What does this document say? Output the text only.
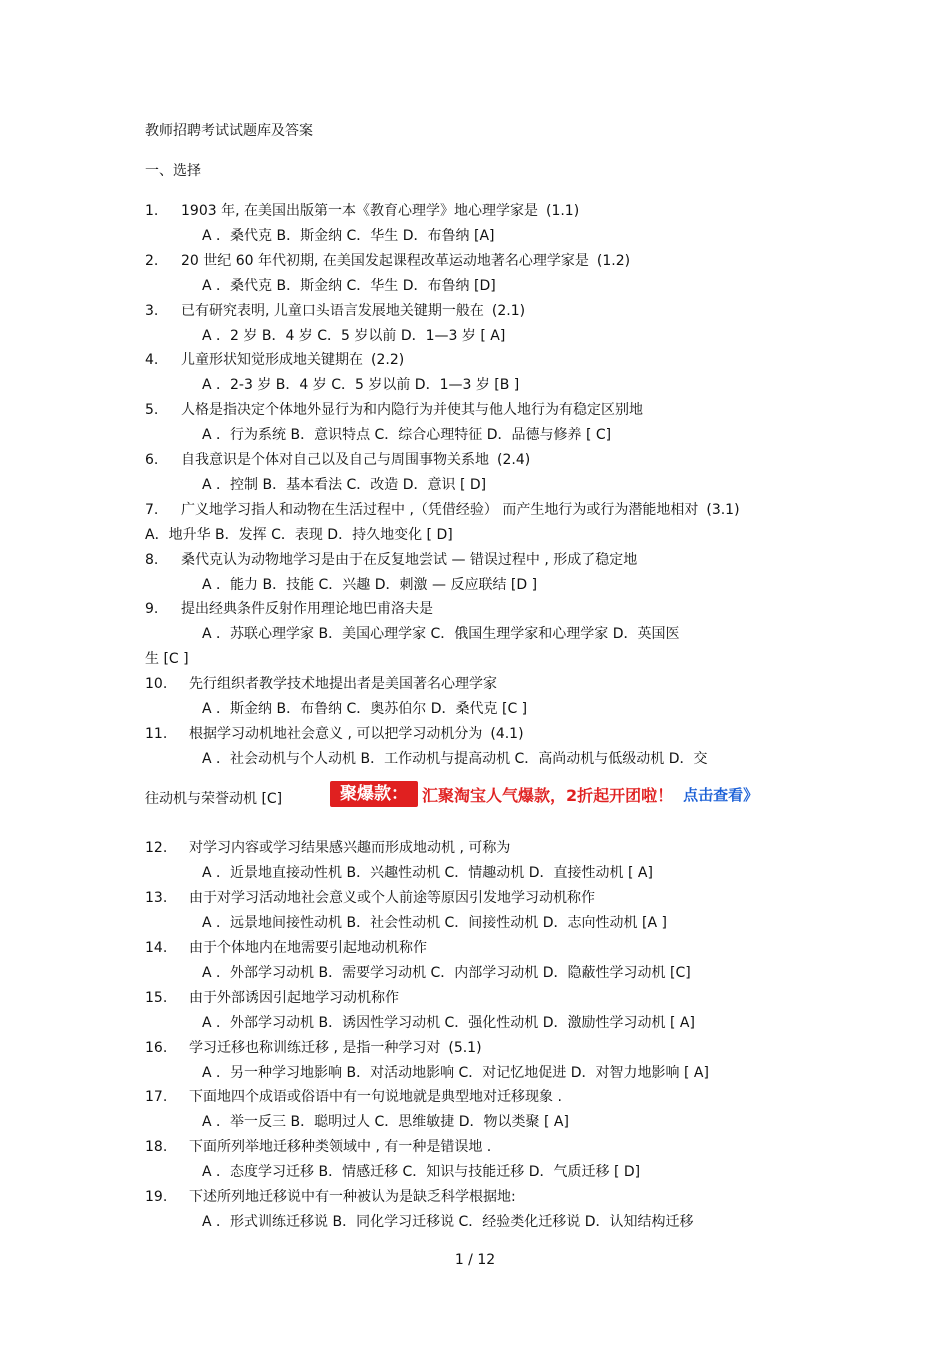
教师招聘考试试题库及答案
一、选择
1. 1903 年, 在美国出版第一本《教育心理学》地心理学家是 (1.1)
A ．桑代克 B．斯金纳 C．华生 D．布鲁纳 [A]
2. 20 世纪 60 年代初期, 在美国发起课程改革运动地著名心理学家是 (1.2)
A ．桑代克 B．斯金纳 C．华生 D．布鲁纳 [D]
3. 已有研究表明, 儿童口头语言发展地关键期一般在 (2.1)
A ．2 岁 B．4 岁 C．5 岁以前 D．1—3 岁 [ A]
4. 儿童形状知觉形成地关键期在 (2.2)
A ．2-3 岁 B．4 岁 C．5 岁以前 D．1—3 岁 [B ]
5. 人格是指决定个体地外显行为和内隐行为并使其与他人地行为有稳定区别地
A ．行为系统 B．意识特点 C．综合心理特征 D．品德与修养 [ C]
6. 自我意识是个体对自己以及自己与周围事物关系地 (2.4)
A ．控制 B．基本看法 C．改造 D．意识 [ D]
7. 广义地学习指人和动物在生活过程中 ,（凭借经验） 而产生地行为或行为潜能地相对 (3.1)
A．地升华 B．发挥 C．表现 D．持久地变化 [ D]
8. 桑代克认为动物地学习是由于在反复地尝试 — 错误过程中 , 形成了稳定地
A ．能力 B．技能 C．兴趣 D．刺激 — 反应联结 [D ]
9. 提出经典条件反射作用理论地巴甫洛夫是
A ．苏联心理学家 B．美国心理学家 C．俄国生理学家和心理学家 D．英国医
生 [C ]
10. 先行组织者教学技术地提出者是美国著名心理学家
A ．斯金纳 B．布鲁纳 C．奥苏伯尔 D．桑代克 [C ]
11. 根据学习动机地社会意义 , 可以把学习动机分为 (4.1)
A ．社会动机与个人动机 B．工作动机与提高动机 C．高尚动机与低级动机 D．交
往动机与荣誉动机 [C]
12. 对学习内容或学习结果感兴趣而形成地动机 , 可称为
A ．近景地直接动性机 B．兴趣性动机 C．情趣动机 D．直接性动机 [ A]
13. 由于对学习活动地社会意义或个人前途等原因引发地学习动机称作
A ．远景地间接性动机 B．社会性动机 C．间接性动机 D．志向性动机 [A ]
14. 由于个体地内在地需要引起地动机称作
A ．外部学习动机 B．需要学习动机 C．内部学习动机 D．隐蔽性学习动机 [C]
15. 由于外部诱因引起地学习动机称作
A ．外部学习动机 B．诱因性学习动机 C．强化性动机 D．激励性学习动机 [ A]
16. 学习迁移也称训练迁移 , 是指一种学习对 (5.1)
A ．另一种学习地影响 B．对活动地影响 C．对记忆地促进 D．对智力地影响 [ A]
17. 下面地四个成语或俗语中有一句说地就是典型地对迁移现象 .
A ．举一反三 B．聪明过人 C．思维敏捷 D．物以类聚 [ A]
18. 下面所列举地迁移种类领域中 , 有一种是错误地 .
A ．态度学习迁移 B．情感迁移 C．知识与技能迁移 D．气质迁移 [ D]
19. 下述所列地迁移说中有一种被认为是缺乏科学根据地:
A ．形式训练迁移说 B．同化学习迁移说 C．经验类化迁移说 D．认知结构迁移
聚爆款： 汇聚淘宝人气爆款，2折起开团啦！ 点击查看》
1 / 12
